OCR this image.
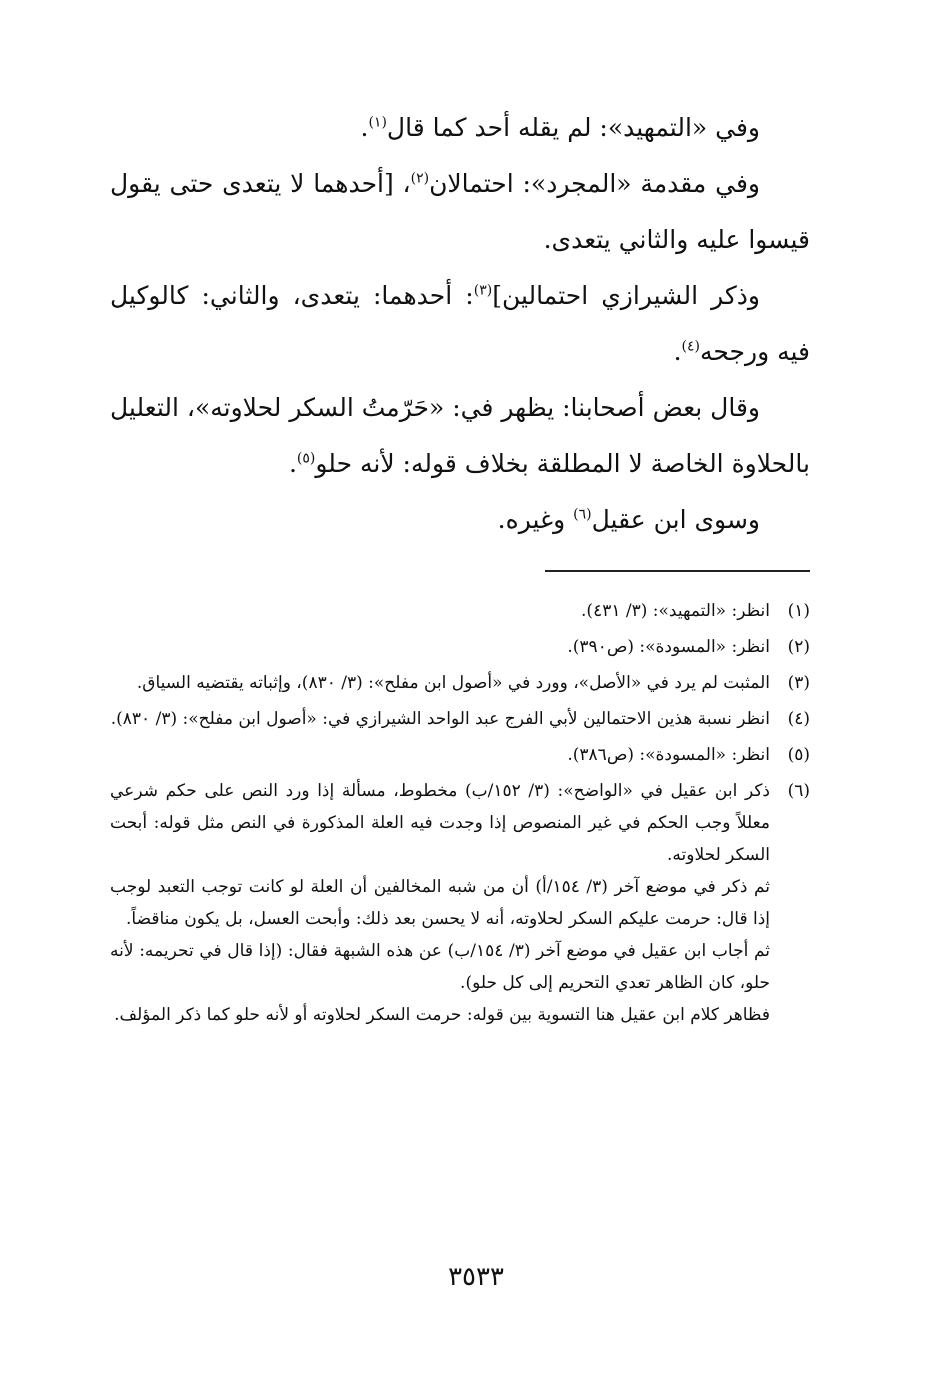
وفي «التمهيد»: لم يقله أحد كما قال$^{(١)}$.

وفي مقدمة «المجرد»: احتمالان$^{(٢)}$، [أحدهما لا يتعدى حتى يقول قيسوا عليه والثاني يتعدى.

وذكر الشيرازي احتمالين]$^{(٣)}$: أحدهما: يتعدى، والثاني: كالوكيل فيه ورجحه$^{(٤)}$.

وقال بعض أصحابنا: يظهر في: «حَرّمتُ السكر لحلاوته»، التعليل بالحلاوة الخاصة لا المطلقة بخلاف قوله: لأنه حلو$^{(٥)}$.

وسوى ابن عقيل$^{(٦)}$ وغيره.

(١)
انظر: «التمهيد»: (٣/ ٤٣١).
(٢)
انظر: «المسودة»: (ص٣٩٠).
(٣)
المثبت لم يرد في «الأصل»، وورد في «أصول ابن مفلح»: (٣/ ٨٣٠)، وإثباته يقتضيه السياق.
(٤)
انظر نسبة هذين الاحتمالين لأبي الفرج عبد الواحد الشيرازي في: «أصول ابن مفلح»: (٣/ ٨٣٠).
(٥)
انظر: «المسودة»: (ص٣٨٦).
(٦)
ذكر ابن عقيل في «الواضح»: (٣/ ١٥٢/ب) مخطوط، مسألة إذا ورد النص على حكم شرعي معللاً وجب الحكم في غير المنصوص إذا وجدت فيه العلة المذكورة في النص مثل قوله: أبحت السكر لحلاوته.
ثم ذكر في موضع آخر (٣/ ١٥٤/أ) أن من شبه المخالفين أن العلة لو كانت توجب التعبد لوجب إذا قال: حرمت عليكم السكر لحلاوته، أنه لا يحسن بعد ذلك: وأبحت العسل، بل يكون مناقضاً.
ثم أجاب ابن عقيل في موضع آخر (٣/ ١٥٤/ب) عن هذه الشبهة فقال: (إذا قال في تحريمه: لأنه حلو، كان الظاهر تعدي التحريم إلى كل حلو).
فظاهر كلام ابن عقيل هنا التسوية بين قوله: حرمت السكر لحلاوته أو لأنه حلو كما ذكر المؤلف.
٣٥٣٣
